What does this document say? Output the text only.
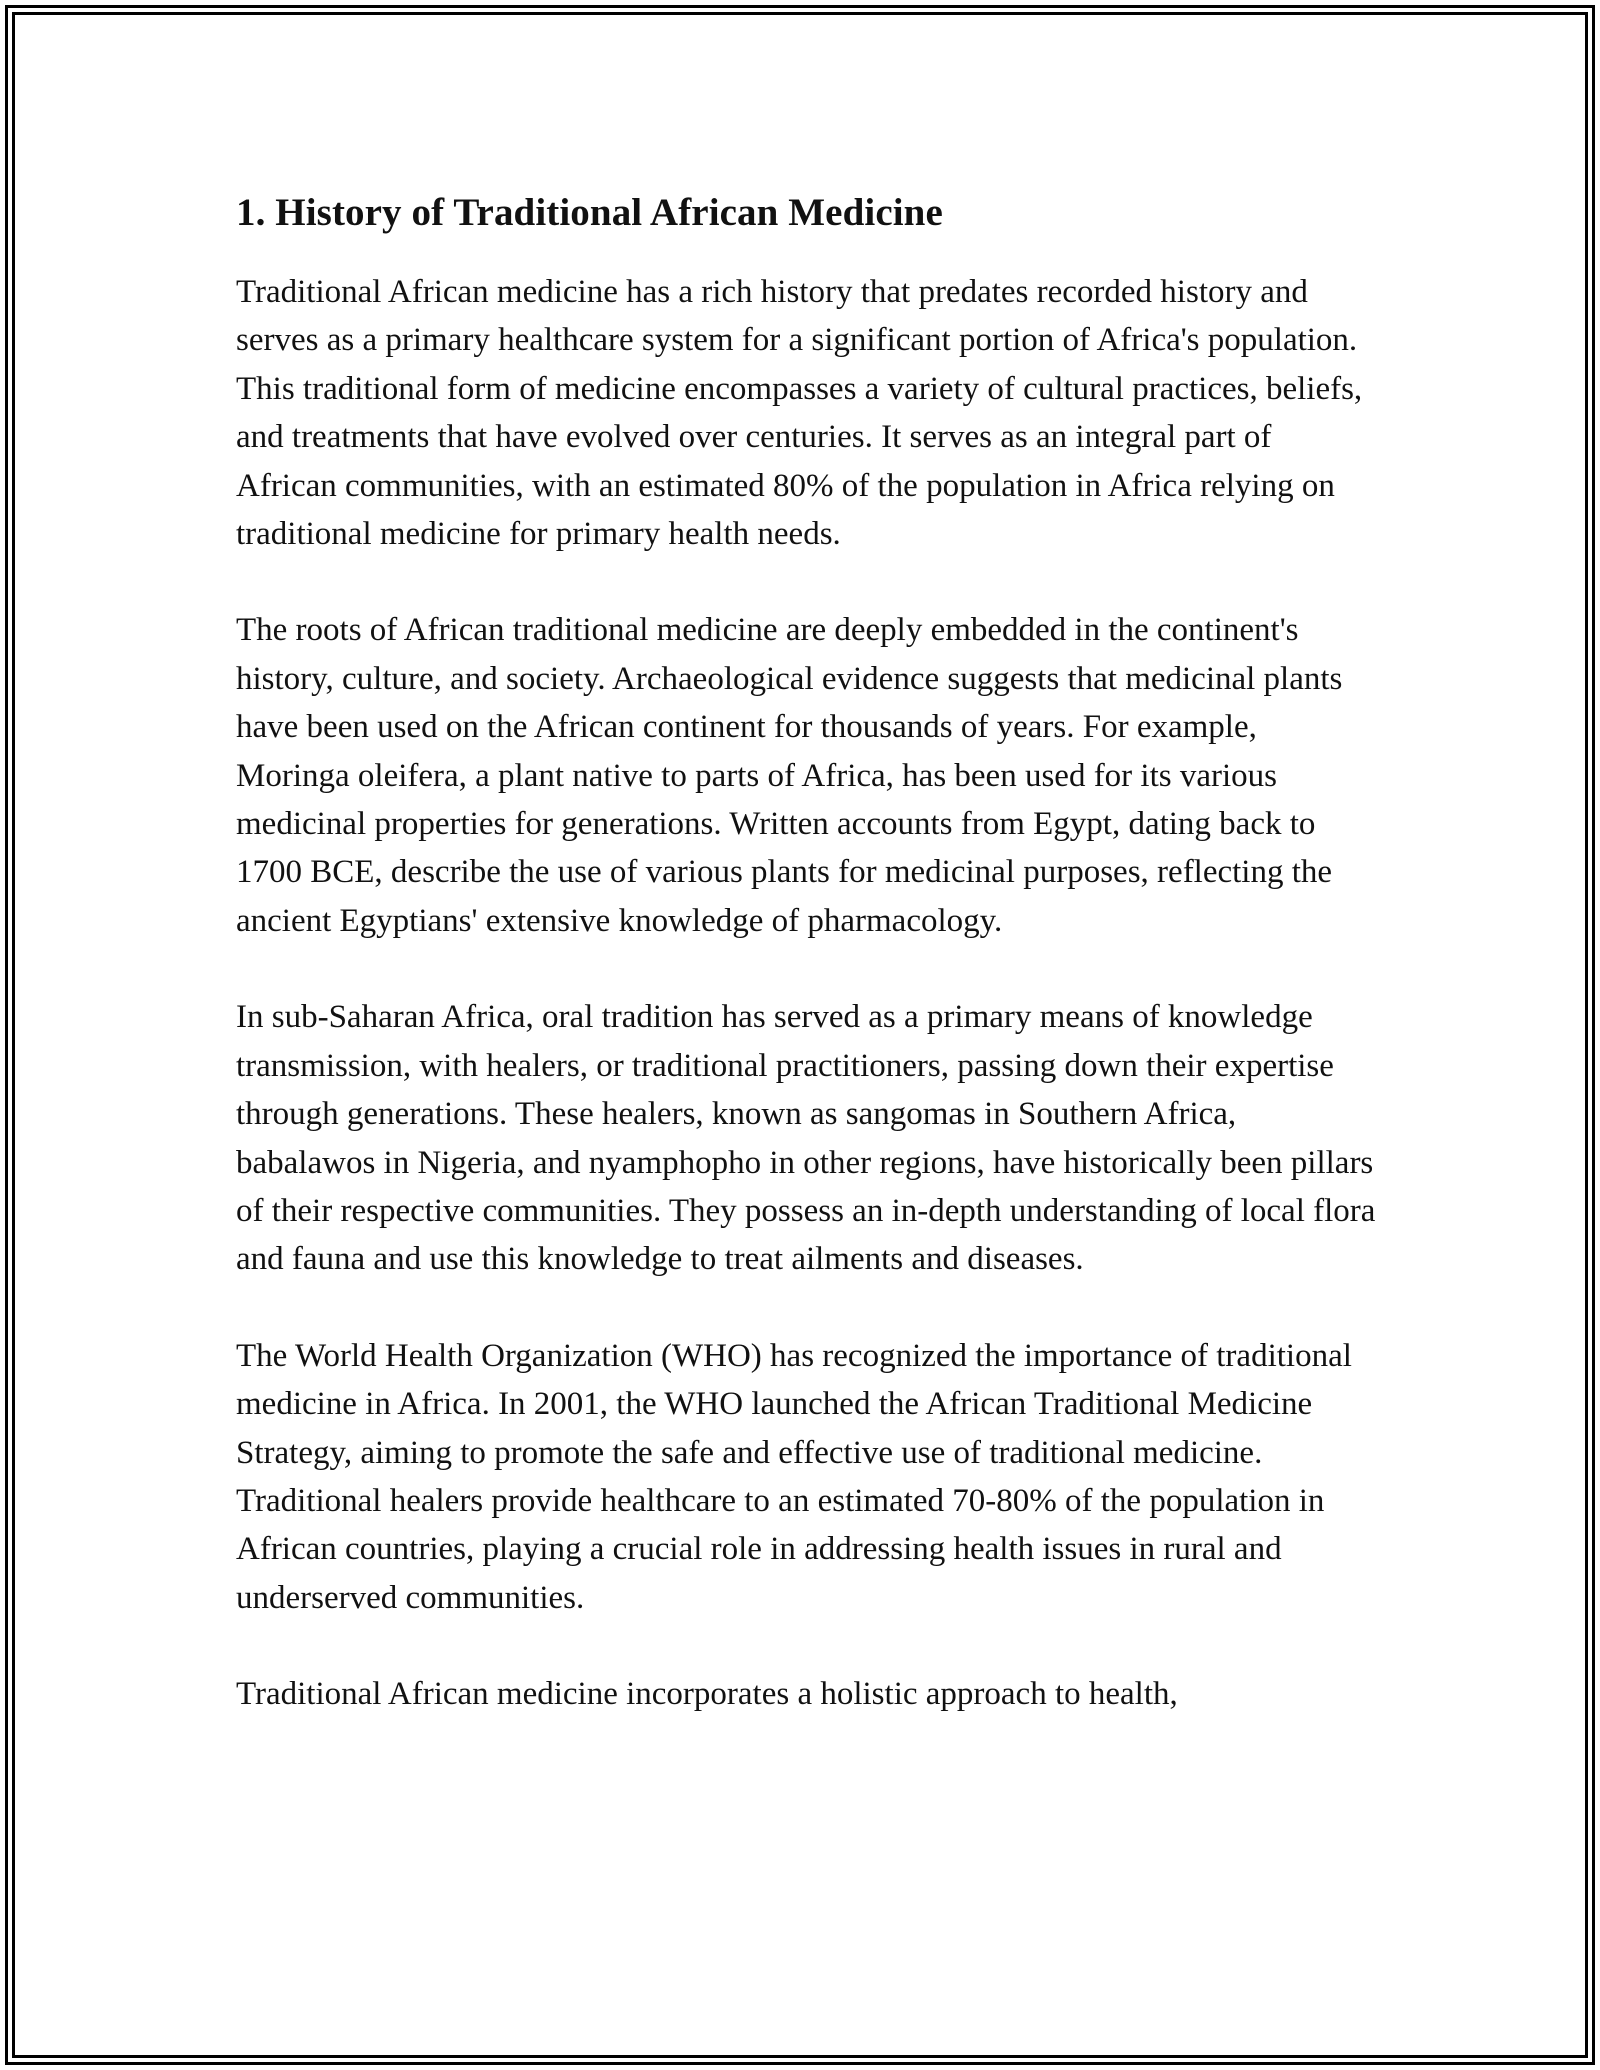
1. History of Traditional African Medicine

Traditional African medicine has a rich history that predates recorded history and serves as a primary healthcare system for a significant portion of Africa's population. This traditional form of medicine encompasses a variety of cultural practices, beliefs, and treatments that have evolved over centuries. It serves as an integral part of African communities, with an estimated 80% of the population in Africa relying on traditional medicine for primary health needs.

The roots of African traditional medicine are deeply embedded in the continent's history, culture, and society. Archaeological evidence suggests that medicinal plants have been used on the African continent for thousands of years. For example, Moringa oleifera, a plant native to parts of Africa, has been used for its various medicinal properties for generations. Written accounts from Egypt, dating back to 1700 BCE, describe the use of various plants for medicinal purposes, reflecting the ancient Egyptians' extensive knowledge of pharmacology.

In sub-Saharan Africa, oral tradition has served as a primary means of knowledge transmission, with healers, or traditional practitioners, passing down their expertise through generations. These healers, known as sangomas in Southern Africa, babalawos in Nigeria, and nyamphopho in other regions, have historically been pillars of their respective communities. They possess an in-depth understanding of local flora and fauna and use this knowledge to treat ailments and diseases.

The World Health Organization (WHO) has recognized the importance of traditional medicine in Africa. In 2001, the WHO launched the African Traditional Medicine Strategy, aiming to promote the safe and effective use of traditional medicine. Traditional healers provide healthcare to an estimated 70-80% of the population in African countries, playing a crucial role in addressing health issues in rural and underserved communities.

Traditional African medicine incorporates a holistic approach to health,
